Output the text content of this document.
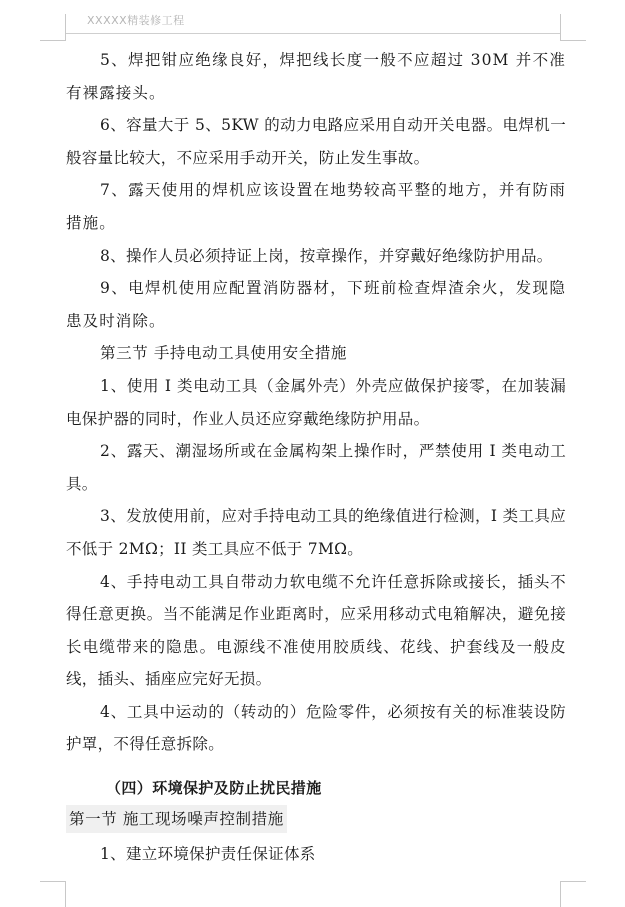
XXXXX精装修工程

5、焊把钳应绝缘良好，焊把线长度一般不应超过 30M 并不准有裸露接头。

6、容量大于 5、5KW 的动力电路应采用自动开关电器。电焊机一般容量比较大，不应采用手动开关，防止发生事故。

7、露天使用的焊机应该设置在地势较高平整的地方，并有防雨措施。

8、操作人员必须持证上岗，按章操作，并穿戴好绝缘防护用品。

9、电焊机使用应配置消防器材，下班前检查焊渣余火，发现隐患及时消除。

第三节 手持电动工具使用安全措施

1、使用 I 类电动工具（金属外壳）外壳应做保护接零，在加装漏电保护器的同时，作业人员还应穿戴绝缘防护用品。

2、露天、潮湿场所或在金属构架上操作时，严禁使用 I 类电动工具。

3、发放使用前，应对手持电动工具的绝缘值进行检测，I 类工具应不低于 2MΩ；II 类工具应不低于 7MΩ。

4、手持电动工具自带动力软电缆不允许任意拆除或接长，插头不得任意更换。当不能满足作业距离时，应采用移动式电箱解决，避免接长电缆带来的隐患。电源线不准使用胶质线、花线、护套线及一般皮线，插头、插座应完好无损。

4、工具中运动的（转动的）危险零件，必须按有关的标准装设防护罩，不得任意拆除。

（四）环境保护及防止扰民措施

第一节 施工现场噪声控制措施

1、建立环境保护责任保证体系
